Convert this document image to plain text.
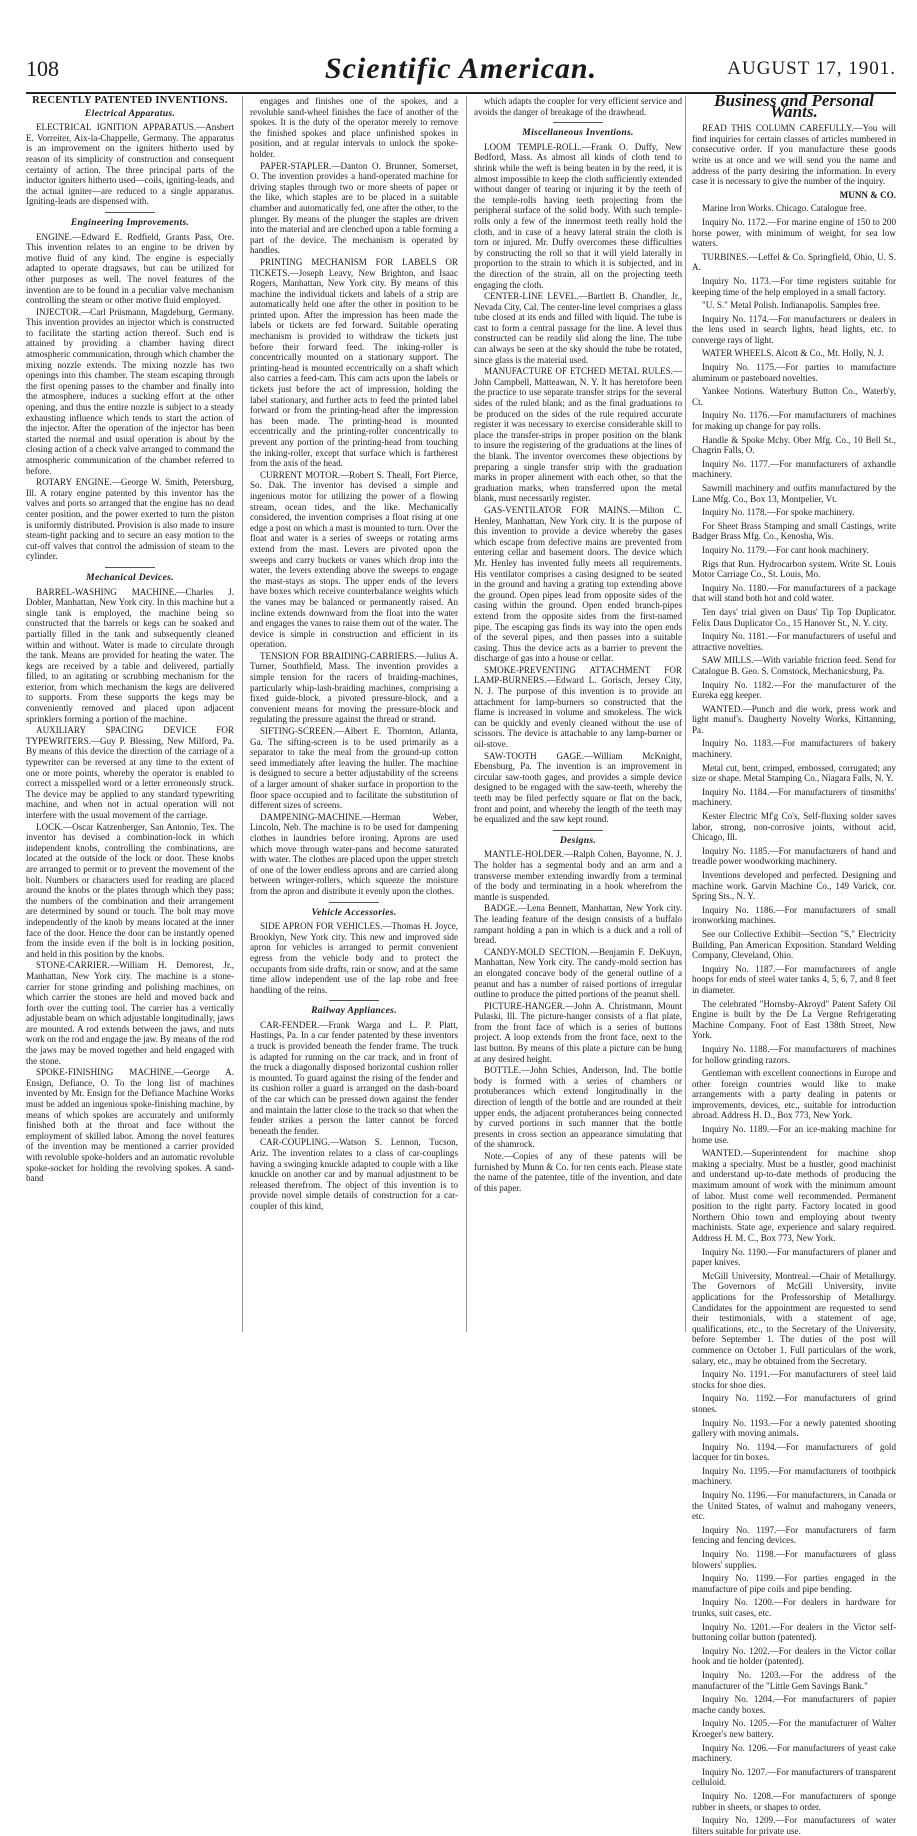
108	Scientific American.	AUGUST 17, 1901.
RECENTLY PATENTED INVENTIONS.
Electrical Apparatus.

ELECTRICAL IGNITION APPARATUS.—Ansbert E. Vorreiter, Aix-la-Chappelle, Germany. The apparatus is an improvement on the igniters hitherto used by reason of its simplicity of construction and consequent certainty of action. The three principal parts of the inductor igniters hitherto used—coils, igniting-leads, and the actual igniter—are reduced to a single apparatus. Igniting-leads are dispensed with.

Engineering Improvements.

ENGINE.—Edward E. Redfield, Grants Pass, Ore. This invention relates to an engine to be driven by motive fluid of any kind. The engine is especially adapted to operate dragsaws, but can be utilized for other purposes as well. The novel features of the invention are to be found in a peculiar valve mechanism controlling the steam or other motive fluid employed.

INJECTOR.—Carl Prüsmann, Magdeburg, Germany. This invention provides an injector which is constructed to facilitate the starting action thereof. Such end is attained by providing a chamber having direct atmospheric communication, through which chamber the mixing nozzle extends. The mixing nozzle has two openings into this chamber. The steam escaping through the first opening passes to the chamber and finally into the atmosphere, induces a sucking effort at the other opening, and thus the entire nozzle is subject to a steady exhausting influence which tends to start the action of the injector. After the operation of the injector has been started the normal and usual operation is about by the closing action of a check valve arranged to command the atmospheric communication of the chamber referred to before.

ROTARY ENGINE.—George W. Smith, Petersburg, Ill. A rotary engine patented by this inventor has the valves and ports so arranged that the engine has no dead center position, and the power exerted to turn the piston is uniformly distributed. Provision is also made to insure steam-tight packing and to secure an easy motion to the cut-off valves that control the admission of steam to the cylinder.

Mechanical Devices.

BARREL-WASHING MACHINE.—Charles J. Dobler, Manhattan, New York city. In this machine but a single tank is employed, the machine being so constructed that the barrels or kegs can be soaked and partially filled in the tank and subsequently cleaned within and without. Water is made to circulate through the tank. Means are provided for heating the water. The kegs are received by a table and delivered, partially filled, to an agitating or scrubbing mechanism for the exterior, from which mechanism the kegs are delivered to supports. From these supports the kegs may be conveniently removed and placed upon adjacent sprinklers forming a portion of the machine.

AUXILIARY SPACING DEVICE FOR TYPEWRITERS.—Guy P. Blessing, New Milford, Pa. By means of this device the direction of the carriage of a typewriter can be reversed at any time to the extent of one or more points, whereby the operator is enabled to correct a misspelled word or a letter erroneously struck. The device may be applied to any standard typewriting machine, and when not in actual operation will not interfere with the usual movement of the carriage.

LOCK.—Oscar Katzenberger, San Antonio, Tex. The inventor has devised a combination-lock in which independent knobs, controlling the combinations, are located at the outside of the lock or door. These knobs are arranged to permit or to prevent the movement of the bolt. Numbers or characters used for reading are placed around the knobs or the plates through which they pass; the numbers of the combination and their arrangement are determined by sound or touch. The bolt may move independently of the knob by means located at the inner face of the door. Hence the door can be instantly opened from the inside even if the bolt is in locking position, and held in this position by the knobs.

STONE-CARRIER.—William H. Demorest, Jr., Manhattan, New York city. The machine is a stone-carrier for stone grinding and polishing machines, on which carrier the stones are held and moved back and forth over the cutting tool. The carrier has a vertically adjustable beam on which adjustable longitudinally, jaws are mounted. A rod extends between the jaws, and nuts work on the rod and engage the jaw. By means of the rod the jaws may be moved together and held engaged with the stone.

SPOKE-FINISHING MACHINE.—George A. Ensign, Defiance, O. To the long list of machines invented by Mr. Ensign for the Defiance Machine Works must be added an ingenious spoke-finishing machine, by means of which spokes are accurately and uniformly finished both at the throat and face without the employment of skilled labor. Among the novel features of the invention may be mentioned a carrier provided with revoluble spoke-holders and an automatic revoluble spoke-socket for holding the revolving spokes. A sand-band

engages and finishes one of the spokes, and a revoluble sand-wheel finishes the face of another of the spokes. It is the duty of the operator merely to remove the finished spokes and place unfinished spokes in position, and at regular intervals to unlock the spoke-holder.

PAPER-STAPLER.—Danton O. Brunner, Somerset, O. The invention provides a hand-operated machine for driving staples through two or more sheets of paper or the like, which staples are to be placed in a suitable chamber and automatically fed, one after the other, to the plunger. By means of the plunger the staples are driven into the material and are clenched upon a table forming a part of the device. The mechanism is operated by handles.

PRINTING MECHANISM FOR LABELS OR TICKETS.—Joseph Leavy, New Brighton, and Isaac Rogers, Manhattan, New York city. By means of this machine the individual tickets and labels of a strip are automatically held one after the other in position to be printed upon. After the impression has been made the labels or tickets are fed forward. Suitable operating mechanism is provided to withdraw the tickets just before their forward feed. The inking-roller is concentrically mounted on a stationary support. The printing-head is mounted eccentrically on a shaft which also carries a feed-cam. This cam acts upon the labels or tickets just before the act of impression, holding the label stationary, and further acts to feed the printed label forward or from the printing-head after the impression has been made. The printing-head is mounted eccentrically and the printing-roller concentrically to prevent any portion of the printing-head from touching the inking-roller, except that surface which is fartherest from the axis of the head.

CURRENT MOTOR.—Robert S. Theall, Fort Pierce, So. Dak. The inventor has devised a simple and ingenious motor for utilizing the power of a flowing stream, ocean tides, and the like. Mechanically considered, the invention comprises a float rising at one edge a post on which a mast is mounted to turn. Over the float and water is a series of sweeps or rotating arms extend from the mast. Levers are pivoted upon the sweeps and carry buckets or vanes which drop into the water, the levers extending above the sweeps to engage the mast-stays as stops. The upper ends of the levers have boxes which receive counterbalance weights which the vanes may be balanced or permanently raised. An incline extends downward from the float into the water and engages the vanes to raise them out of the water. The device is simple in construction and efficient in its operation.

TENSION FOR BRAIDING-CARRIERS.—Julius A. Turner, Southfield, Mass. The invention provides a simple tension for the racers of braiding-machines, particularly whip-lash-braiding machines, comprising a fixed guide-block, a pivoted pressure-block, and a convenient means for moving the pressure-block and regulating the pressure against the thread or strand.

SIFTING-SCREEN.—Albert E. Thornton, Atlanta, Ga. The sifting-screen is to be used primarily as a separator to take the meal from the ground-up cotton seed immediately after leaving the huller. The machine is designed to secure a better adjustability of the screens of a larger amount of shaker surface in proportion to the floor space occupied and to facilitate the substitution of different sizes of screens.

DAMPENING-MACHINE.—Herman Weber, Lincoln, Neb. The machine is to be used for dampening clothes in laundries before ironing. Aprons are used which move through water-pans and become saturated with water. The clothes are placed upon the upper stretch of one of the lower endless aprons and are carried along between wringer-rollers, which squeeze the moisture from the apron and distribute it evenly upon the clothes.

Vehicle Accessories.

SIDE APRON FOR VEHICLES.—Thomas H. Joyce, Brooklyn, New York city. This new and improved side apron for vehicles is arranged to permit convenient egress from the vehicle body and to protect the occupants from side drafts, rain or snow, and at the same time allow independent use of the lap robe and free handling of the reins.

Railway Appliances.

CAR-FENDER.—Frank Warga and L. P. Platt, Hastings, Pa. In a car fender patented by these inventors a truck is provided beneath the fender frame. The truck is adapted for running on the car track, and in front of the truck a diagonally disposed horizontal cushion roller is mounted. To guard against the rising of the fender and its cushion roller a guard is arranged on the dash-board of the car which can be pressed down against the fender and maintain the latter close to the track so that when the fender strikes a person the latter cannot be forced beneath the fender.

CAR-COUPLING.—Watson S. Lennon, Tucson, Ariz. The invention relates to a class of car-couplings having a swinging knuckle adapted to couple with a like knuckle on another car and by manual adjustment to be released therefrom. The object of this invention is to provide novel simple details of construction for a car-coupler of this kind,

which adapts the coupler for very efficient service and avoids the danger of breakage of the drawhead.

Miscellaneous Inventions.

LOOM TEMPLE-ROLL.—Frank O. Duffy, New Bedford, Mass. As almost all kinds of cloth tend to shrink while the weft is being beaten in by the reed, it is almost impossible to keep the cloth sufficiently extended without danger of tearing or injuring it by the teeth of the temple-rolls having teeth projecting from the peripheral surface of the solid body. With such temple-rolls only a few of the innermost teeth really hold the cloth, and in case of a heavy lateral strain the cloth is torn or injured. Mr. Duffy overcomes these difficulties by constructing the roll so that it will yield laterally in proportion to the strain to which it is subjected, and in the direction of the strain, all on the projecting teeth engaging the cloth.

CENTER-LINE LEVEL.—Bartlett B. Chandler, Jr., Nevada City, Cal. The center-line level comprises a glass tube closed at its ends and filled with liquid. The tube is cast to form a central passage for the line. A level thus constructed can be readily slid along the line. The tube can always be seen at the sky should the tube be rotated, since glass is the material used.

MANUFACTURE OF ETCHED METAL RULES.—John Campbell, Matteawan, N. Y. It has heretofore been the practice to use separate transfer strips for the several sides of the ruled blank; and as the final graduations to be produced on the sides of the rule required accurate register it was necessary to exercise considerable skill to place the transfer-strips in proper position on the blank to insure the registering of the graduations at the lines of the blank. The inventor overcomes these objections by preparing a single transfer strip with the graduation marks in proper alinement with each other, so that the graduation marks, when transferred upon the metal blank, must necessarily register.

GAS-VENTILATOR FOR MAINS.—Milton C. Henley, Manhattan, New York city. It is the purpose of this invention to provide a device whereby the gases which escape from defective mains are prevented from entering cellar and basement doors. The device which Mr. Henley has invented fully meets all requirements. His ventilator comprises a casing designed to be seated in the ground and having a grating top extending above the ground. Open pipes lead from opposite sides of the casing within the ground. Open ended branch-pipes extend from the opposite sides from the first-named pipe. The escaping gas finds its way into the open ends of the several pipes, and then passes into a suitable casing. Thus the device acts as a barrier to prevent the discharge of gas into a house or cellar.

SMOKE-PREVENTING ATTACHMENT FOR LAMP-BURNERS.—Edward L. Gorisch, Jersey City, N. J. The purpose of this invention is to provide an attachment for lamp-burners so constructed that the flame is increased in volume and smokeless. The wick can be quickly and evenly cleaned without the use of scissors. The device is attachable to any lamp-burner or oil-stove.

SAW-TOOTH GAGE.—William McKnight, Ebensburg, Pa. The invention is an improvement in circular saw-tooth gages, and provides a simple device designed to be engaged with the saw-teeth, whereby the teeth may be filed perfectly square or flat on the back, front and point, and whereby the length of the teeth may be equalized and the saw kept round.

Designs.

MANTLE-HOLDER.—Ralph Cohen, Bayonne, N. J. The holder has a segmental body and an arm and a transverse member extending inwardly from a terminal of the body and terminating in a hook wherefrom the mantle is suspended.

BADGE.—Lena Bennett, Manhattan, New York city. The leading feature of the design consists of a buffalo rampant holding a pan in which is a duck and a roll of bread.

CANDY-MOLD SECTION.—Benjamin F. DeKuyn, Manhattan, New York city. The candy-mold section has an elongated concave body of the general outline of a peanut and has a number of raised portions of irregular outline to produce the pitted portions of the peanut shell.

PICTURE-HANGER.—John A. Christmann, Mount Pulaski, Ill. The picture-hanger consists of a flat plate, from the front face of which is a series of buttons project. A loop extends from the front face, next to the last button. By means of this plate a picture can be hung at any desired height.

BOTTLE.—John Schies, Anderson, Ind. The bottle body is formed with a series of chambers or protuberances which extend longitudinally in the direction of length of the bottle and are rounded at their upper ends, the adjacent protuberances being connected by curved portions in such manner that the bottle presents in cross section an appearance simulating that of the shamrock.

Note.—Copies of any of these patents will be furnished by Munn & Co. for ten cents each. Please state the name of the patentee, title of the invention, and date of this paper.

Business and Personal Wants.

READ THIS COLUMN CAREFULLY.—You will find inquiries for certain classes of articles numbered in consecutive order. If you manufacture these goods write us at once and we will send you the name and address of the party desiring the information. In every case it is necessary to give the number of the inquiry.

MUNN & CO.

Marine Iron Works. Chicago. Catalogue free.

Inquiry No. 1172.—For marine engine of 150 to 200 horse power, with minimum of weight, for sea low waters.

TURBINES.—Leffel & Co. Springfield, Ohio, U. S. A.

Inquiry No. 1173.—For time registers suitable for keeping time of the help employed in a small factory.

"U. S." Metal Polish. Indianapolis. Samples free.

Inquiry No. 1174.—For manufacturers or dealers in the lens used in search lights, head lights, etc. to converge rays of light.

WATER WHEELS. Alcott & Co., Mt. Holly, N. J.

Inquiry No. 1175.—For parties to manufacture aluminum or pasteboard novelties.

Yankee Notions. Waterbury Button Co., Waterb'y, Ct.

Inquiry No. 1176.—For manufacturers of machines for making up change for pay rolls.

Handle & Spoke Mchy. Ober Mfg. Co., 10 Bell St., Chagrin Falls, O.

Inquiry No. 1177.—For manufacturers of axhandle machinery.

Sawmill machinery and outfits manufactured by the Lane Mfg. Co., Box 13, Montpelier, Vt.

Inquiry No. 1178.—For spoke machinery.

For Sheet Brass Stamping and small Castings, write Badger Brass Mfg. Co., Kenosha, Wis.

Inquiry No. 1179.—For cant hook machinery.

Rigs that Run. Hydrocarbon system. Write St. Louis Motor Carriage Co., St. Louis, Mo.

Inquiry No. 1180.—For manufacturers of a package that will stand both hot and cold water.

Ten days' trial given on Daus' Tip Top Duplicator. Felix Daus Duplicator Co., 15 Hanover St., N. Y. city.

Inquiry No. 1181.—For manufacturers of useful and attractive novelties.

SAW MILLS.—With variable friction feed. Send for Catalogue B. Geo. S. Comstock, Mechanicsburg, Pa.

Inquiry No. 1182.—For the manufacturer of the Eureka egg keeper.

WANTED.—Punch and die work, press work and light manuf's. Daugherty Novelty Works, Kittanning, Pa.

Inquiry No. 1183.—For manufacturers of bakery machinery.

Metal cut, bent, crimped, embossed, corrugated; any size or shape. Metal Stamping Co., Niagara Falls, N. Y.

Inquiry No. 1184.—For manufacturers of tinsmiths' machinery.

Kester Electric Mf'g Co's, Self-fluxing solder saves labor, strong, non-corrosive joints, without acid, Chicago, Ill.

Inquiry No. 1185.—For manufacturers of hand and treadle power woodworking machinery.

Inventions developed and perfected. Designing and machine work. Garvin Machine Co., 149 Varick, cor. Spring Sts., N. Y.

Inquiry No. 1186.—For manufacturers of small ironworking machines.

See our Collective Exhibit—Section "S," Electricity Building, Pan American Exposition. Standard Welding Company, Cleveland, Ohio.

Inquiry No. 1187.—For manufacturers of angle hoops for ends of steel water tanks 4, 5, 6, 7, and 8 feet in diameter.

The celebrated "Hornsby-Akroyd" Patent Safety Oil Engine is built by the De La Vergne Refrigerating Machine Company. Foot of East 138th Street, New York.

Inquiry No. 1188.—For manufacturers of machines for hollow grinding razors.

Gentleman with excellent connections in Europe and other foreign countries would like to make arrangements with a party dealing in patents or improvements, devices, etc., suitable for introduction abroad. Address H. D., Box 773, New York.

Inquiry No. 1189.—For an ice-making machine for home use.

WANTED.—Superintendent for machine shop making a specialty. Must be a hustler, good machinist and understand up-to-date methods of producing the maximum amount of work with the minimum amount of labor. Must come well recommended. Permanent position to the right party. Factory located in good Northern Ohio town and employing about twenty machinists. State age, experience and salary required. Address H. M. C., Box 773, New York.

Inquiry No. 1190.—For manufacturers of planer and paper knives.

McGill University, Montreal.—Chair of Metallurgy. The Governors of McGill University, invite applications for the Professorship of Metallurgy. Candidates for the appointment are requested to send their testimonials, with a statement of age, qualifications, etc., to the Secretary of the University, before September 1. The duties of the post will commence on October 1. Full particulars of the work, salary, etc., may be obtained from the Secretary.

Inquiry No. 1191.—For manufacturers of steel laid stocks for shoe dies.

Inquiry No. 1192.—For manufacturers of grind stones.

Inquiry No. 1193.—For a newly patented shooting gallery with moving animals.

Inquiry No. 1194.—For manufacturers of gold lacquer for tin boxes.

Inquiry No. 1195.—For manufacturers of toothpick machinery.

Inquiry No. 1196.—For manufacturers, in Canada or the United States, of walnut and mahogany veneers, etc.

Inquiry No. 1197.—For manufacturers of farm fencing and fencing devices.

Inquiry No. 1198.—For manufacturers of glass blowers' supplies.

Inquiry No. 1199.—For parties engaged in the manufacture of pipe coils and pipe bending.

Inquiry No. 1200.—For dealers in hardware for trunks, suit cases, etc.

Inquiry No. 1201.—For dealers in the Victor self-buttoning collar button (patented).

Inquiry No. 1202.—For dealers in the Victor collar hook and tie holder (patented).

Inquiry No. 1203.—For the address of the manufacturer of the "Little Gem Savings Bank."

Inquiry No. 1204.—For manufacturers of papier mache candy boxes.

Inquiry No. 1205.—For the manufacturer of Walter Kroeger's new battery.

Inquiry No. 1206.—For manufacturers of yeast cake machinery.

Inquiry No. 1207.—For manufacturers of transparent celluloid.

Inquiry No. 1208.—For manufacturers of sponge rubber in sheets, or shapes to order.

Inquiry No. 1209.—For manufacturers of water filters suitable for private use.
